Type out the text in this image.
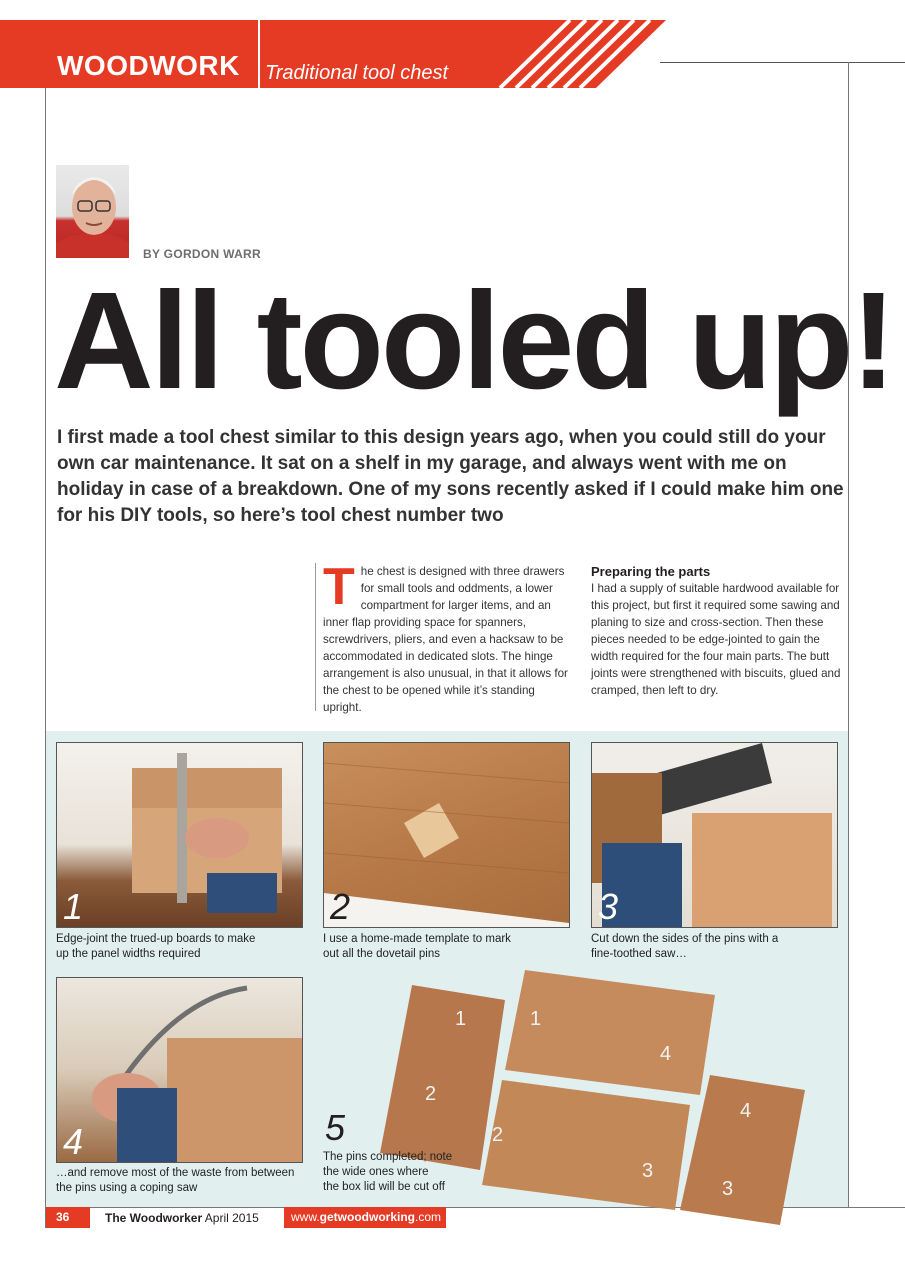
WOODWORK Traditional tool chest
BY GORDON WARR
All tooled up!
I first made a tool chest similar to this design years ago, when you could still do your own car maintenance. It sat on a shelf in my garage, and always went with me on holiday in case of a breakdown. One of my sons recently asked if I could make him one for his DIY tools, so here’s tool chest number two
The chest is designed with three drawers for small tools and oddments, a lower compartment for larger items, and an inner flap providing space for spanners, screwdrivers, pliers, and even a hacksaw to be accommodated in dedicated slots. The hinge arrangement is also unusual, in that it allows for the chest to be opened while it’s standing upright.
Preparing the parts
I had a supply of suitable hardwood available for this project, but first it required some sawing and planing to size and cross-section. Then these pieces needed to be edge-jointed to gain the width required for the four main parts. The butt joints were strengthened with biscuits, glued and cramped, then left to dry.
1
Edge-joint the trued-up boards to make
up the panel widths required
2
I use a home-made template to mark
out all the dovetail pins
3
Cut down the sides of the pins with a
fine-toothed saw…
4
…and remove most of the waste from between
the pins using a coping saw
1
2
1
4
2
3
4
3
5
The pins completed; note
the wide ones where
the box lid will be cut off
36	The Woodworker April 2015	www.getwoodworking.com
